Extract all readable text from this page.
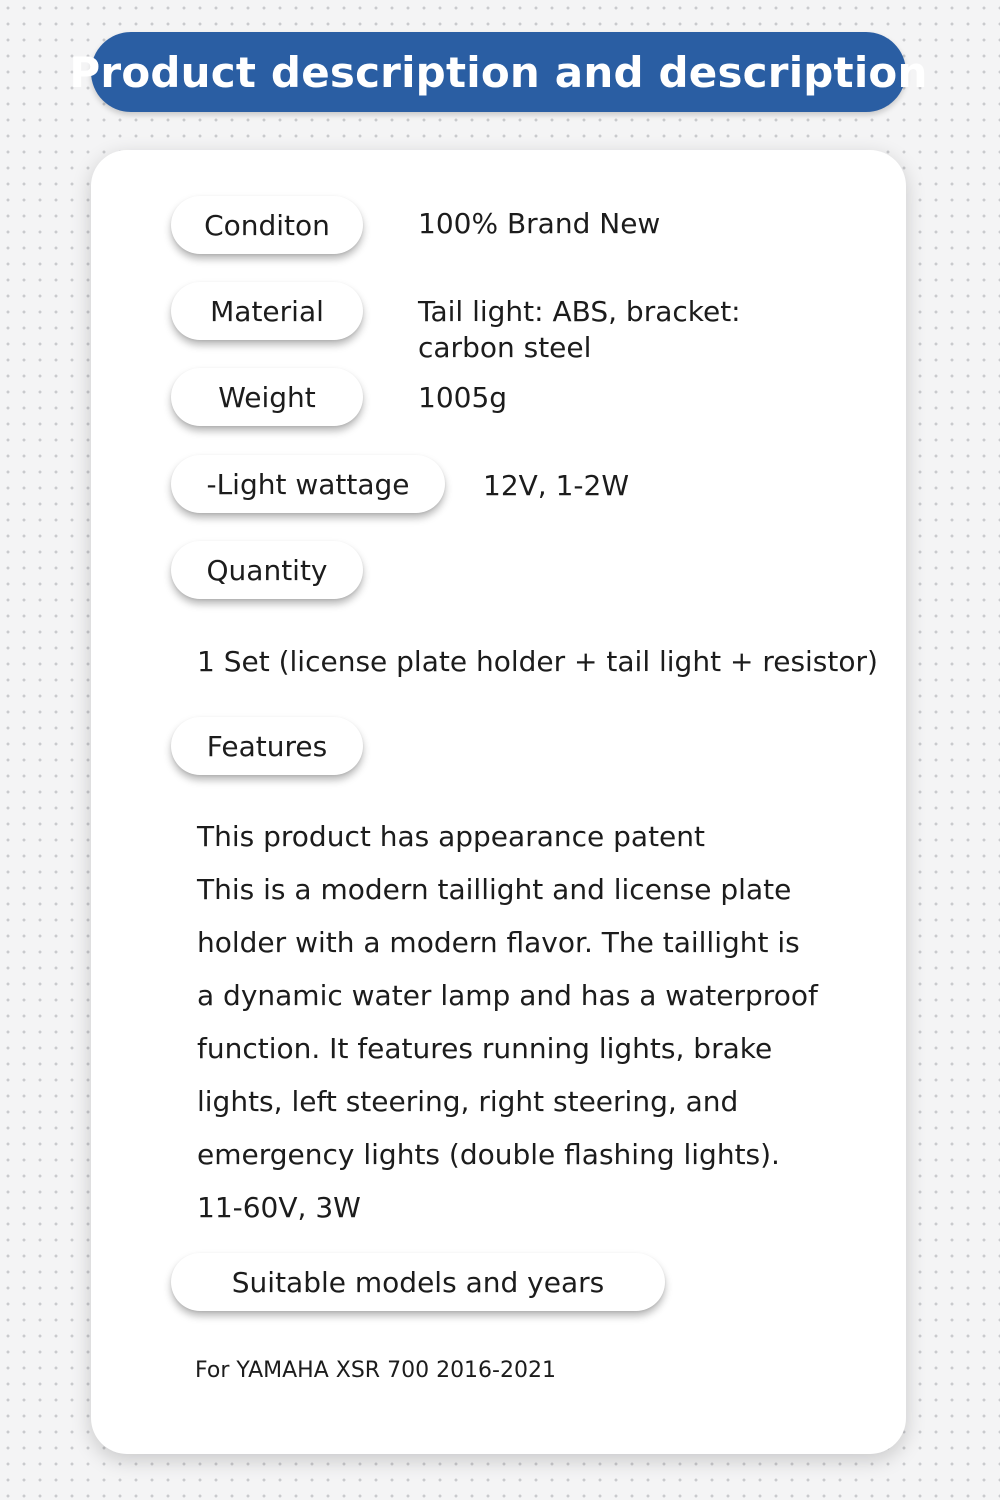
Product description and description
Conditon	100% Brand New
Material	Tail light: ABS, bracket:
carbon steel
Weight	1005g
-Light wattage	12V, 1-2W
Quantity
1 Set (license plate holder + tail light + resistor)
Features
This product has appearance patent
This is a modern taillight and license plate
holder with a modern flavor. The taillight is
a dynamic water lamp and has a waterproof
function. It features running lights, brake
lights, left steering, right steering, and
emergency lights (double flashing lights).
11-60V, 3W
Suitable models and years
For YAMAHA XSR 700 2016-2021
